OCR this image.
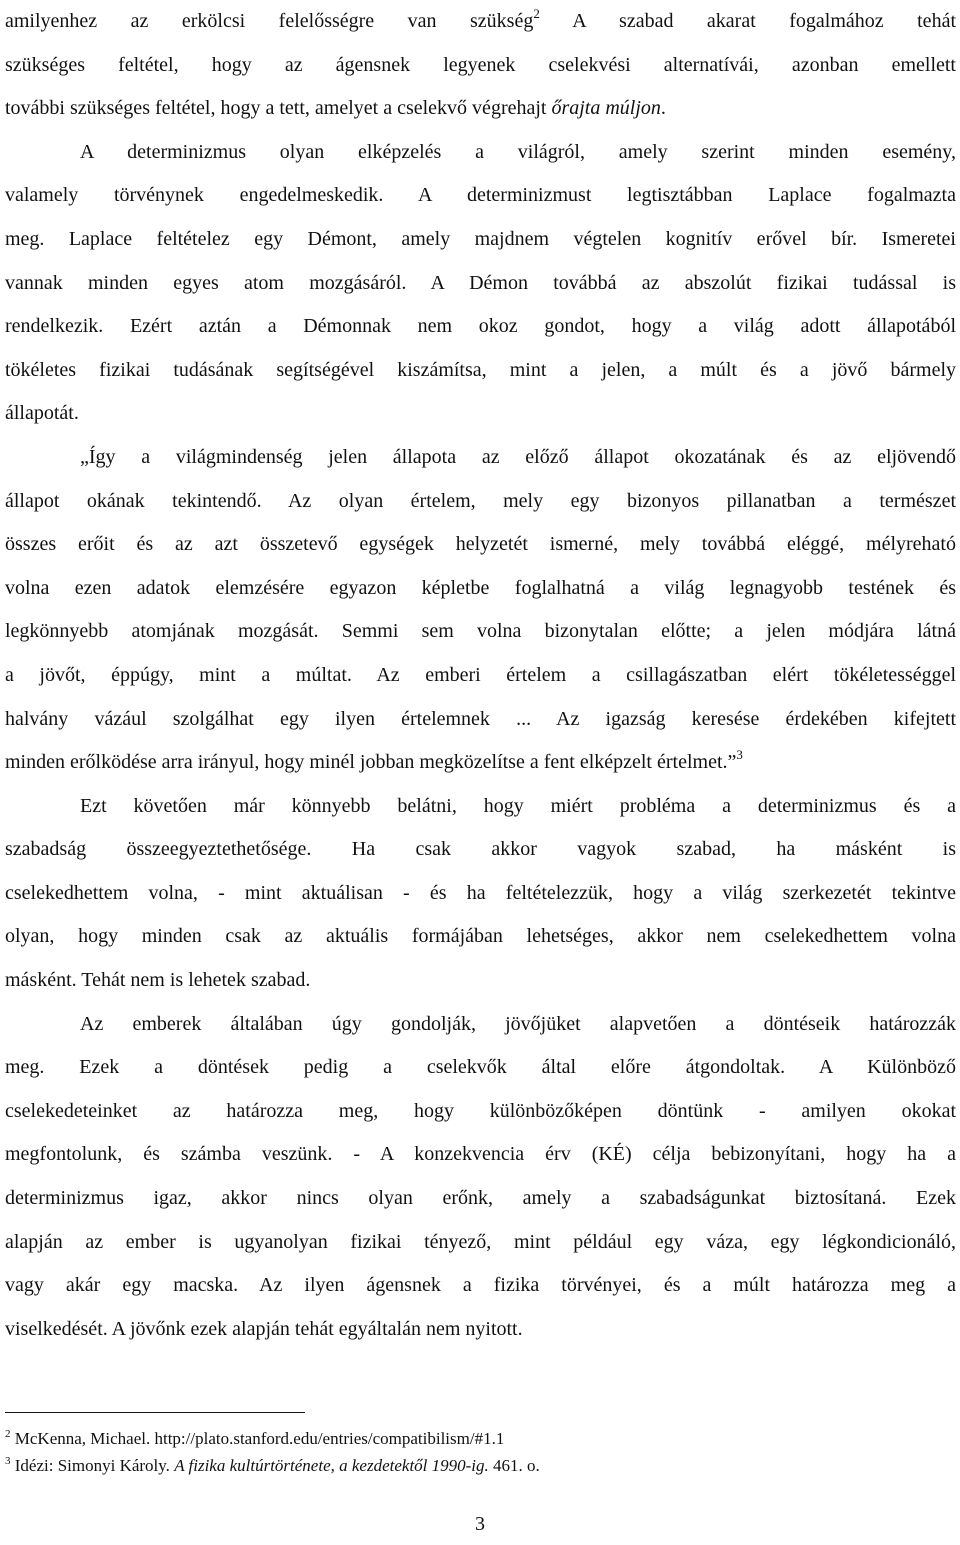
amilyenhez az erkölcsi felelősségre van szükség$^2$ A szabad akarat fogalmához tehát
szükséges feltétel, hogy az ágensnek legyenek cselekvési alternatívái, azonban emellett
további szükséges feltétel, hogy a tett, amelyet a cselekvő végrehajt őrajta múljon.
A determinizmus olyan elképzelés a világról, amely szerint minden esemény,
valamely törvénynek engedelmeskedik. A determinizmust legtisztábban Laplace fogalmazta
meg. Laplace feltételez egy Démont, amely majdnem végtelen kognitív erővel bír. Ismeretei
vannak minden egyes atom mozgásáról. A Démon továbbá az abszolút fizikai tudással is
rendelkezik. Ezért aztán a Démonnak nem okoz gondot, hogy a világ adott állapotából
tökéletes fizikai tudásának segítségével kiszámítsa, mint a jelen, a múlt és a jövő bármely
állapotát.
„Így a világmindenség jelen állapota az előző állapot okozatának és az eljövendő
állapot okának tekintendő. Az olyan értelem, mely egy bizonyos pillanatban a természet
összes erőit és az azt összetevő egységek helyzetét ismerné, mely továbbá eléggé, mélyreható
volna ezen adatok elemzésére egyazon képletbe foglalhatná a világ legnagyobb testének és
legkönnyebb atomjának mozgását. Semmi sem volna bizonytalan előtte; a jelen módjára látná
a jövőt, éppúgy, mint a múltat. Az emberi értelem a csillagászatban elért tökéletességgel
halvány vázául szolgálhat egy ilyen értelemnek ... Az igazság keresése érdekében kifejtett
minden erőlködése arra irányul, hogy minél jobban megközelítse a fent elképzelt értelmet.”$^3$
Ezt követően már könnyebb belátni, hogy miért probléma a determinizmus és a
szabadság összeegyeztethetősége. Ha csak akkor vagyok szabad, ha másként is
cselekedhettem volna, - mint aktuálisan - és ha feltételezzük, hogy a világ szerkezetét tekintve
olyan, hogy minden csak az aktuális formájában lehetséges, akkor nem cselekedhettem volna
másként. Tehát nem is lehetek szabad.
Az emberek általában úgy gondolják, jövőjüket alapvetően a döntéseik határozzák
meg. Ezek a döntések pedig a cselekvők által előre átgondoltak. A Különböző
cselekedeteinket az határozza meg, hogy különbözőképen döntünk - amilyen okokat
megfontolunk, és számba veszünk. - A konzekvencia érv (KÉ) célja bebizonyítani, hogy ha a
determinizmus igaz, akkor nincs olyan erőnk, amely a szabadságunkat biztosítaná. Ezek
alapján az ember is ugyanolyan fizikai tényező, mint például egy váza, egy légkondicionáló,
vagy akár egy macska. Az ilyen ágensnek a fizika törvényei, és a múlt határozza meg a
viselkedését. A jövőnk ezek alapján tehát egyáltalán nem nyitott.
$^2$ McKenna, Michael. http://plato.stanford.edu/entries/compatibilism/#1.1
$^3$ Idézi: Simonyi Károly. A fizika kultúrtörténete, a kezdetektől 1990-ig. 461. o.
3
